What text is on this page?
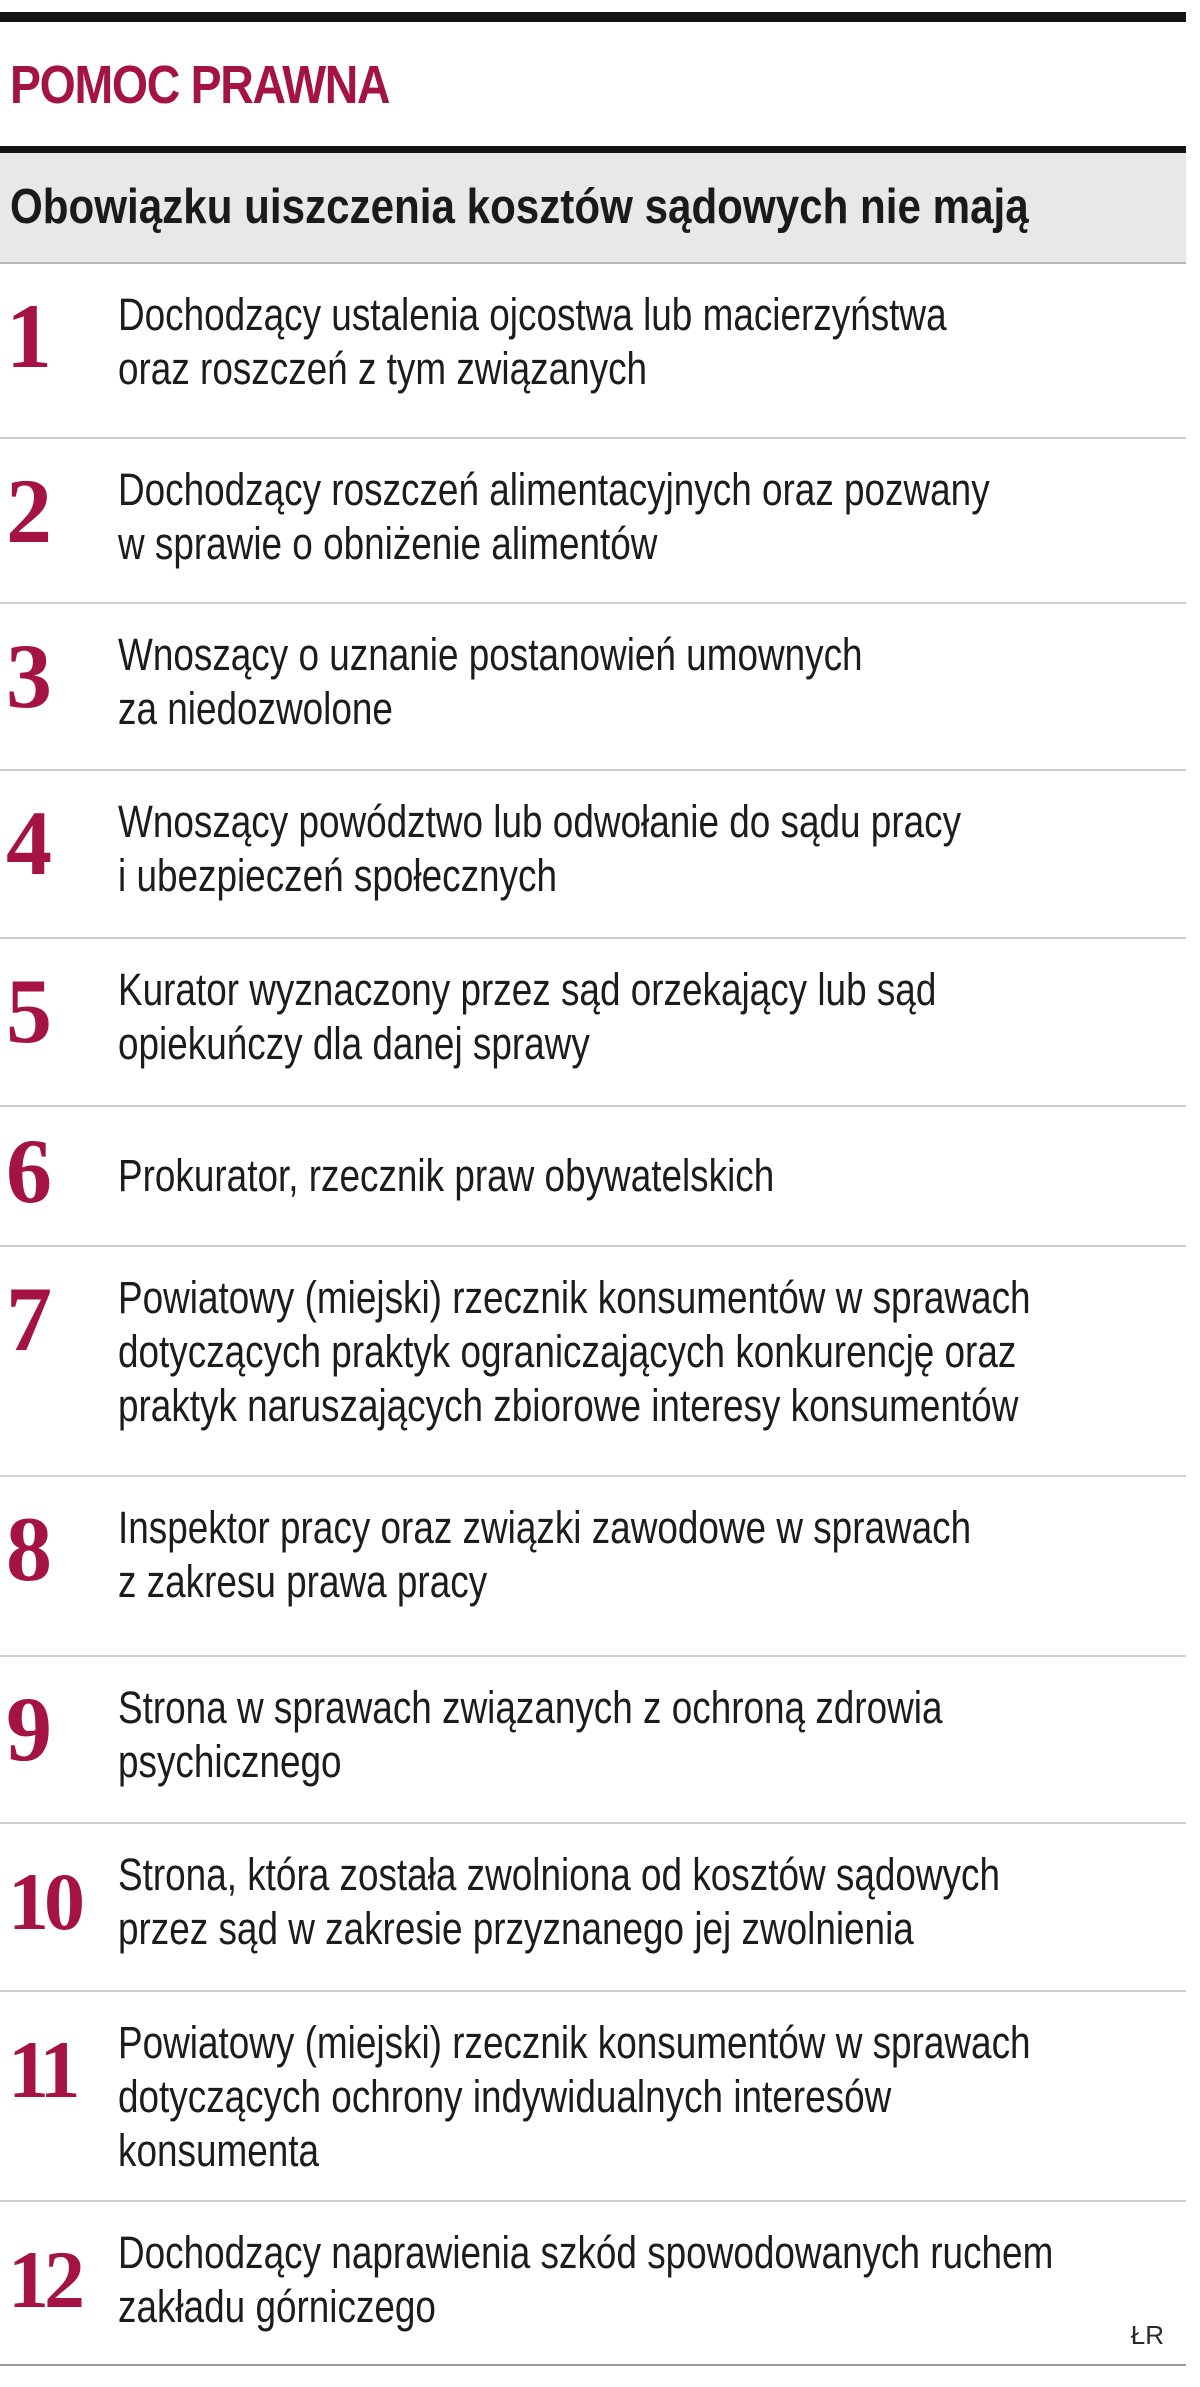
POMOC PRAWNA
Obowiązku uiszczenia kosztów sądowych nie mają
1 Dochodzący ustalenia ojcostwa lub macierzyństwa
oraz roszczeń z tym związanych
2 Dochodzący roszczeń alimentacyjnych oraz pozwany
w sprawie o obniżenie alimentów
3 Wnoszący o uznanie postanowień umownych
za niedozwolone
4 Wnoszący powództwo lub odwołanie do sądu pracy
i ubezpieczeń społecznych
5 Kurator wyznaczony przez sąd orzekający lub sąd
opiekuńczy dla danej sprawy
6 Prokurator, rzecznik praw obywatelskich
7 Powiatowy (miejski) rzecznik konsumentów w sprawach
dotyczących praktyk ograniczających konkurencję oraz
praktyk naruszających zbiorowe interesy konsumentów
8 Inspektor pracy oraz związki zawodowe w sprawach
z zakresu prawa pracy
9 Strona w sprawach związanych z ochroną zdrowia
psychicznego
10 Strona, która została zwolniona od kosztów sądowych
przez sąd w zakresie przyznanego jej zwolnienia
11 Powiatowy (miejski) rzecznik konsumentów w sprawach
dotyczących ochrony indywidualnych interesów
konsumenta
12 Dochodzący naprawienia szkód spowodowanych ruchem
zakładu górniczego
ŁR
